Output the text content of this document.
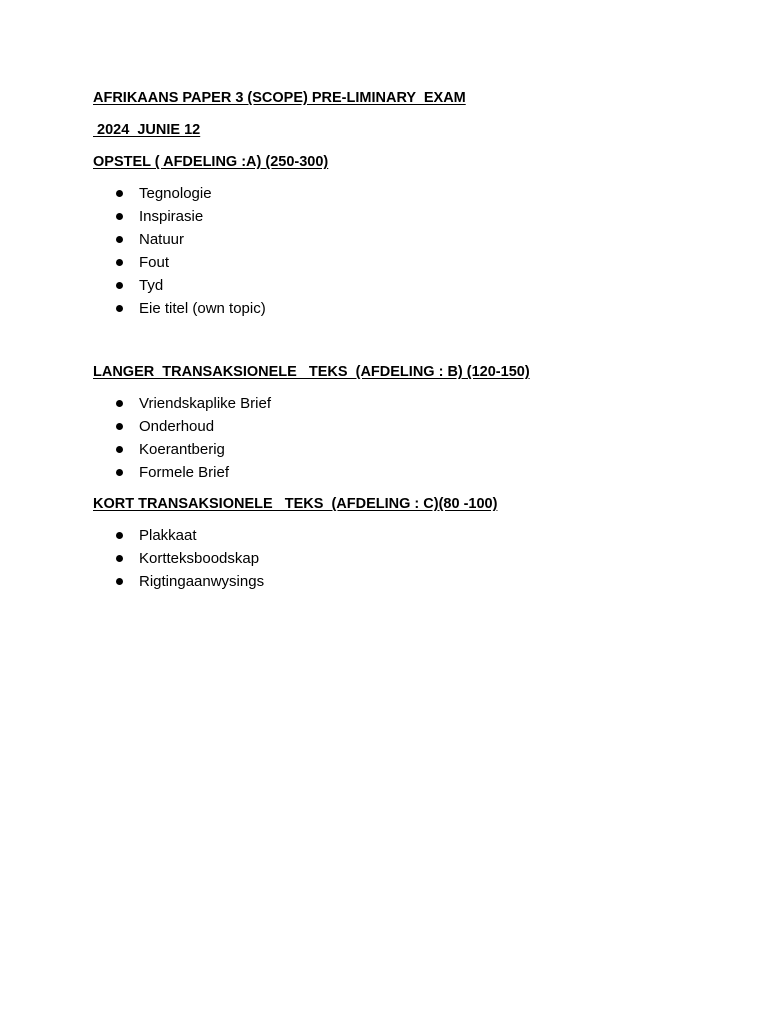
AFRIKAANS PAPER 3 (SCOPE) PRE-LIMINARY  EXAM

2024  JUNIE 12

OPSTEL ( AFDELING :A) (250-300)

Tegnologie
Inspirasie
Natuur
Fout
Tyd
Eie titel (own topic)

LANGER  TRANSAKSIONELE   TEKS  (AFDELING : B) (120-150)

Vriendskaplike Brief
Onderhoud
Koerantberig
Formele Brief

KORT TRANSAKSIONELE   TEKS  (AFDELING : C)(80 -100)

Plakkaat
Kortteksboodskap
Rigtingaanwysings
